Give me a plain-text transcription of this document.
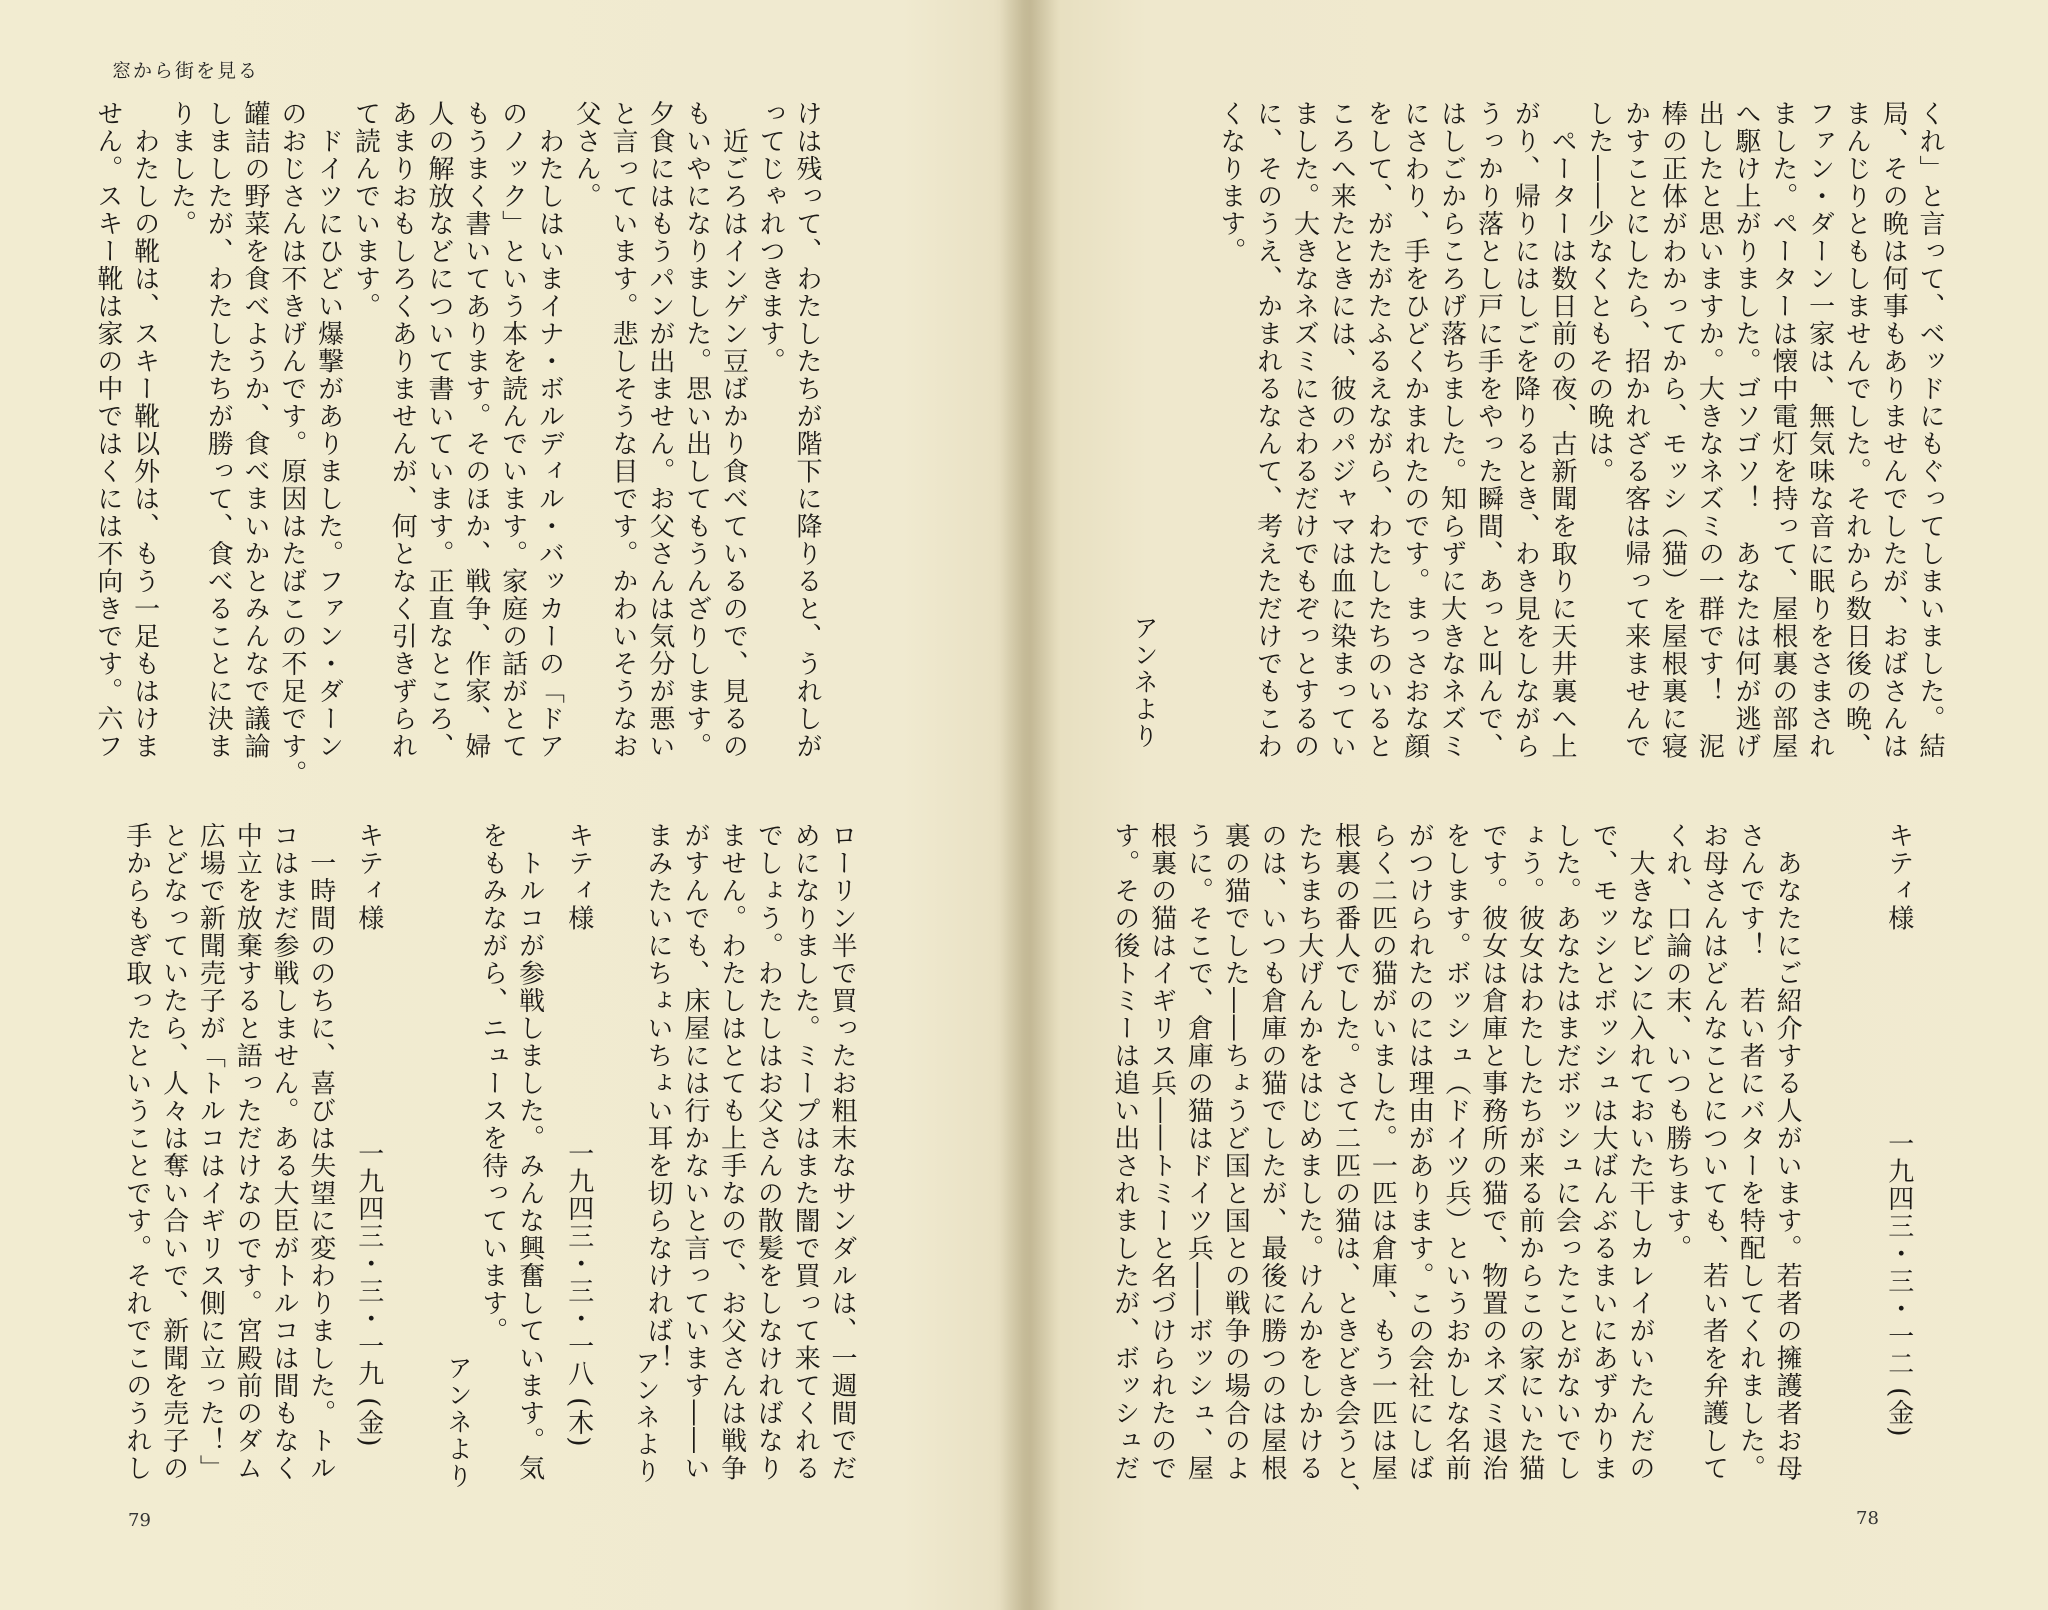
窓から街を見る
けは残って、わたしたちが階下に降りると、うれしが
ってじゃれつきます。
　近ごろはインゲン豆ばかり食べているので、見るの
もいやになりました。思い出してもうんざりします。
夕食にはもうパンが出ません。お父さんは気分が悪い
と言っています。悲しそうな目です。かわいそうなお
父さん。
　わたしはいまイナ・ボルディル・バッカーの「ドア
のノック」という本を読んでいます。家庭の話がとて
もうまく書いてあります。そのほか、戦争、作家、婦
人の解放などについて書いています。正直なところ、
あまりおもしろくありませんが、何となく引きずられ
て読んでいます。
　ドイツにひどい爆撃がありました。ファン・ダーン
のおじさんは不きげんです。原因はたばこの不足です。
罐詰の野菜を食べようか、食べまいかとみんなで議論
しましたが、わたしたちが勝って、食べることに決ま
りました。
　わたしの靴は、スキー靴以外は、もう一足もはけま
せん。スキー靴は家の中ではくには不向きです。六フ
ローリン半で買ったお粗末なサンダルは、一週間でだ
めになりました。ミープはまた闇で買って来てくれる
でしょう。わたしはお父さんの散髪をしなければなり
ません。わたしはとても上手なので、お父さんは戦争
がすんでも、床屋には行かないと言っています――い
まみたいにちょいちょい耳を切らなければ！
アンネより
キティ様
一九四三・三・一八 (木)
　トルコが参戦しました。みんな興奮しています。気
をもみながら、ニュースを待っています。
アンネより
キティ様
一九四三・三・一九 (金)
　一時間ののちに、喜びは失望に変わりました。トル
コはまだ参戦しません。ある大臣がトルコは間もなく
中立を放棄すると語っただけなのです。宮殿前のダム
広場で新聞売子が「トルコはイギリス側に立った！」
とどなっていたら、人々は奪い合いで、新聞を売子の
手からもぎ取ったということです。それでこのうれし
79
くれ」と言って、ベッドにもぐってしまいました。結
局、その晩は何事もありませんでしたが、おばさんは
まんじりともしませんでした。それから数日後の晩、
ファン・ダーン一家は、無気味な音に眠りをさまされ
ました。ペーターは懐中電灯を持って、屋根裏の部屋
へ駆け上がりました。ゴソゴソ！　あなたは何が逃げ
出したと思いますか。大きなネズミの一群です！　泥
棒の正体がわかってから、モッシ（猫）を屋根裏に寝
かすことにしたら、招かれざる客は帰って来ませんで
した――少なくともその晩は。
　ペーターは数日前の夜、古新聞を取りに天井裏へ上
がり、帰りにはしごを降りるとき、わき見をしながら
うっかり落とし戸に手をやった瞬間、あっと叫んで、
はしごからころげ落ちました。知らずに大きなネズミ
にさわり、手をひどくかまれたのです。まっさおな顔
をして、がたがたふるえながら、わたしたちのいると
ころへ来たときには、彼のパジャマは血に染まってい
ました。大きなネズミにさわるだけでもぞっとするの
に、そのうえ、かまれるなんて、考えただけでもこわ
くなります。
アンネより
キティ様
一九四三・三・一二 (金)
　あなたにご紹介する人がいます。若者の擁護者お母
さんです！　若い者にバターを特配してくれました。
お母さんはどんなことについても、若い者を弁護して
くれ、口論の末、いつも勝ちます。
　大きなビンに入れておいた干しカレイがいたんだの
で、モッシとボッシュは大ばんぶるまいにあずかりま
した。あなたはまだボッシュに会ったことがないでし
ょう。彼女はわたしたちが来る前からこの家にいた猫
です。彼女は倉庫と事務所の猫で、物置のネズミ退治
をします。ボッシュ（ドイツ兵）というおかしな名前
がつけられたのには理由があります。この会社にしば
らく二匹の猫がいました。一匹は倉庫、もう一匹は屋
根裏の番人でした。さて二匹の猫は、ときどき会うと、
たちまち大げんかをはじめました。けんかをしかける
のは、いつも倉庫の猫でしたが、最後に勝つのは屋根
裏の猫でした――ちょうど国と国との戦争の場合のよ
うに。そこで、倉庫の猫はドイツ兵――ボッシュ、屋
根裏の猫はイギリス兵――トミーと名づけられたので
す。その後トミーは追い出されましたが、ボッシュだ
78
